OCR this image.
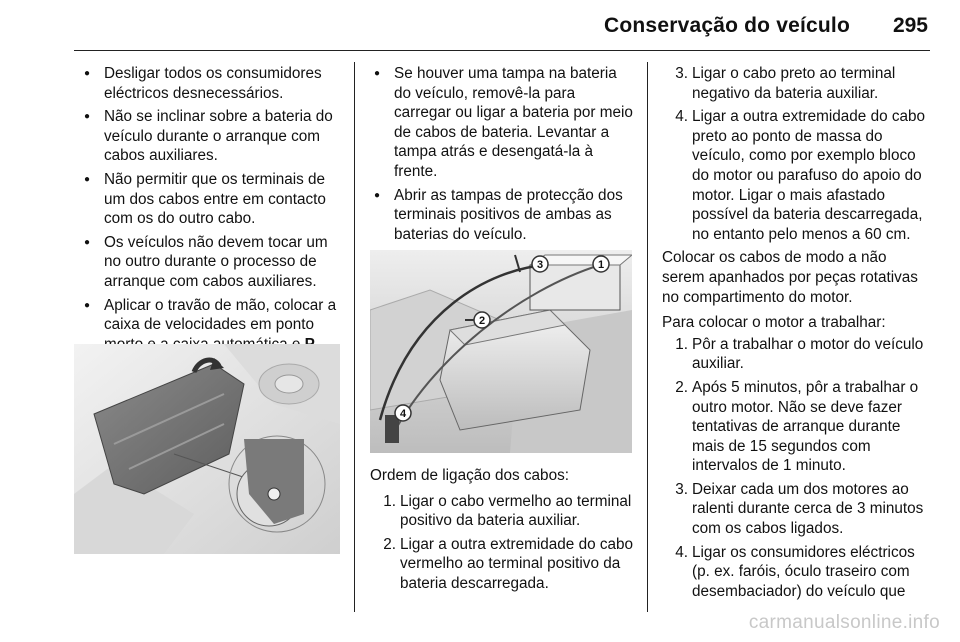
Conservação do veículo	295
● Desligar todos os consumidores eléctricos desnecessários.
● Não se inclinar sobre a bateria do veículo durante o arranque com cabos auxiliares.
● Não permitir que os terminais de um dos cabos entre em contacto com os do outro cabo.
● Os veículos não devem tocar um no outro durante o processo de arranque com cabos auxiliares.
● Aplicar o travão de mão, colocar a caixa de velocidades em ponto
● Se houver uma tampa na bateria do veículo, removê-la para carregar ou ligar a bateria por meio de cabos de bateria. Levantar a tampa atrás e desengatá-la à frente.
● Abrir as tampas de protecção dos terminais positivos de ambas as baterias do veículo.
3	1
2
4
Ordem de ligação dos cabos:
1. Ligar o cabo vermelho ao terminal positivo da bateria auxiliar.
2. Ligar a outra extremidade do cabo vermelho ao terminal positivo da bateria descarregada.
3. Ligar o cabo preto ao terminal negativo da bateria auxiliar.
4. Ligar a outra extremidade do cabo preto ao ponto de massa do veículo, como por exemplo bloco do motor ou parafuso do apoio do motor. Ligar o mais afastado possível da bateria descarregada, no entanto pelo menos a 60 cm.
Colocar os cabos de modo a não serem apanhados por peças rotativas no compartimento do motor.
Para colocar o motor a trabalhar:
1. Pôr a trabalhar o motor do veículo auxiliar.
2. Após 5 minutos, pôr a trabalhar o outro motor. Não se deve fazer tentativas de arranque durante mais de 15 segundos com intervalos de 1 minuto.
3. Deixar cada um dos motores ao ralenti durante cerca de 3 minutos com os cabos ligados.
4. Ligar os consumidores eléctricos (p. ex. faróis, óculo traseiro com desembaciador) do veículo que
carmanualsonline.info
